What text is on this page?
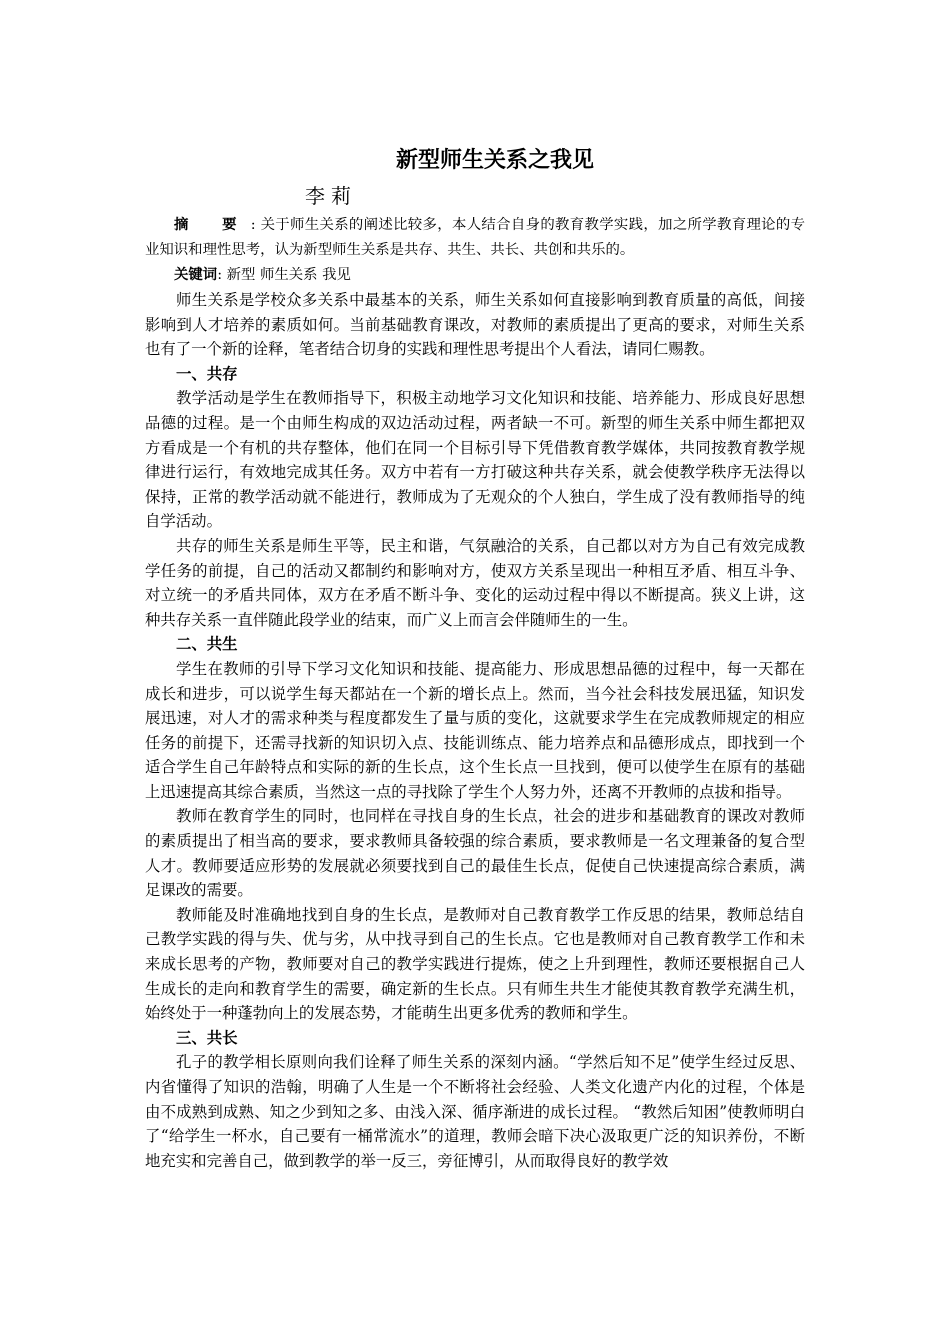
新型师生关系之我见

李莉

摘 要: 关于师生关系的阐述比较多，本人结合自身的教育教学实践，加之所学教育理论的专业知识和理性思考，认为新型师生关系是共存、共生、共长、共创和共乐的。

关键词: 新型 师生关系 我见

师生关系是学校众多关系中最基本的关系，师生关系如何直接影响到教育质量的高低，间接影响到人才培养的素质如何。当前基础教育课改，对教师的素质提出了更高的要求，对师生关系也有了一个新的诠释，笔者结合切身的实践和理性思考提出个人看法，请同仁赐教。

一、共存

教学活动是学生在教师指导下，积极主动地学习文化知识和技能、培养能力、形成良好思想品德的过程。是一个由师生构成的双边活动过程，两者缺一不可。新型的师生关系中师生都把双方看成是一个有机的共存整体，他们在同一个目标引导下凭借教育教学媒体，共同按教育教学规律进行运行，有效地完成其任务。双方中若有一方打破这种共存关系，就会使教学秩序无法得以保持，正常的教学活动就不能进行，教师成为了无观众的个人独白，学生成了没有教师指导的纯自学活动。

共存的师生关系是师生平等，民主和谐，气氛融洽的关系，自己都以对方为自己有效完成教学任务的前提，自己的活动又都制约和影响对方，使双方关系呈现出一种相互矛盾、相互斗争、对立统一的矛盾共同体，双方在矛盾不断斗争、变化的运动过程中得以不断提高。狭义上讲，这种共存关系一直伴随此段学业的结束，而广义上而言会伴随师生的一生。

二、共生

学生在教师的引导下学习文化知识和技能、提高能力、形成思想品德的过程中，每一天都在成长和进步，可以说学生每天都站在一个新的增长点上。然而，当今社会科技发展迅猛，知识发展迅速，对人才的需求种类与程度都发生了量与质的变化，这就要求学生在完成教师规定的相应任务的前提下，还需寻找新的知识切入点、技能训练点、能力培养点和品德形成点，即找到一个适合学生自己年龄特点和实际的新的生长点，这个生长点一旦找到，便可以使学生在原有的基础上迅速提高其综合素质，当然这一点的寻找除了学生个人努力外，还离不开教师的点拔和指导。

教师在教育学生的同时，也同样在寻找自身的生长点，社会的进步和基础教育的课改对教师的素质提出了相当高的要求，要求教师具备较强的综合素质，要求教师是一名文理兼备的复合型人才。教师要适应形势的发展就必须要找到自己的最佳生长点，促使自己快速提高综合素质，满足课改的需要。

教师能及时准确地找到自身的生长点，是教师对自己教育教学工作反思的结果，教师总结自己教学实践的得与失、优与劣，从中找寻到自己的生长点。它也是教师对自己教育教学工作和未来成长思考的产物，教师要对自己的教学实践进行提炼，使之上升到理性，教师还要根据自己人生成长的走向和教育学生的需要，确定新的生长点。只有师生共生才能使其教育教学充满生机，始终处于一种蓬勃向上的发展态势，才能萌生出更多优秀的教师和学生。

三、共长

孔子的教学相长原则向我们诠释了师生关系的深刻内涵。“学然后知不足”使学生经过反思、内省懂得了知识的浩翰，明确了人生是一个不断将社会经验、人类文化遗产内化的过程，个体是由不成熟到成熟、知之少到知之多、由浅入深、循序渐进的成长过程。 “教然后知困”使教师明白了“给学生一杯水，自己要有一桶常流水”的道理，教师会暗下决心汲取更广泛的知识养份，不断地充实和完善自己，做到教学的举一反三，旁征博引，从而取得良好的教学效
